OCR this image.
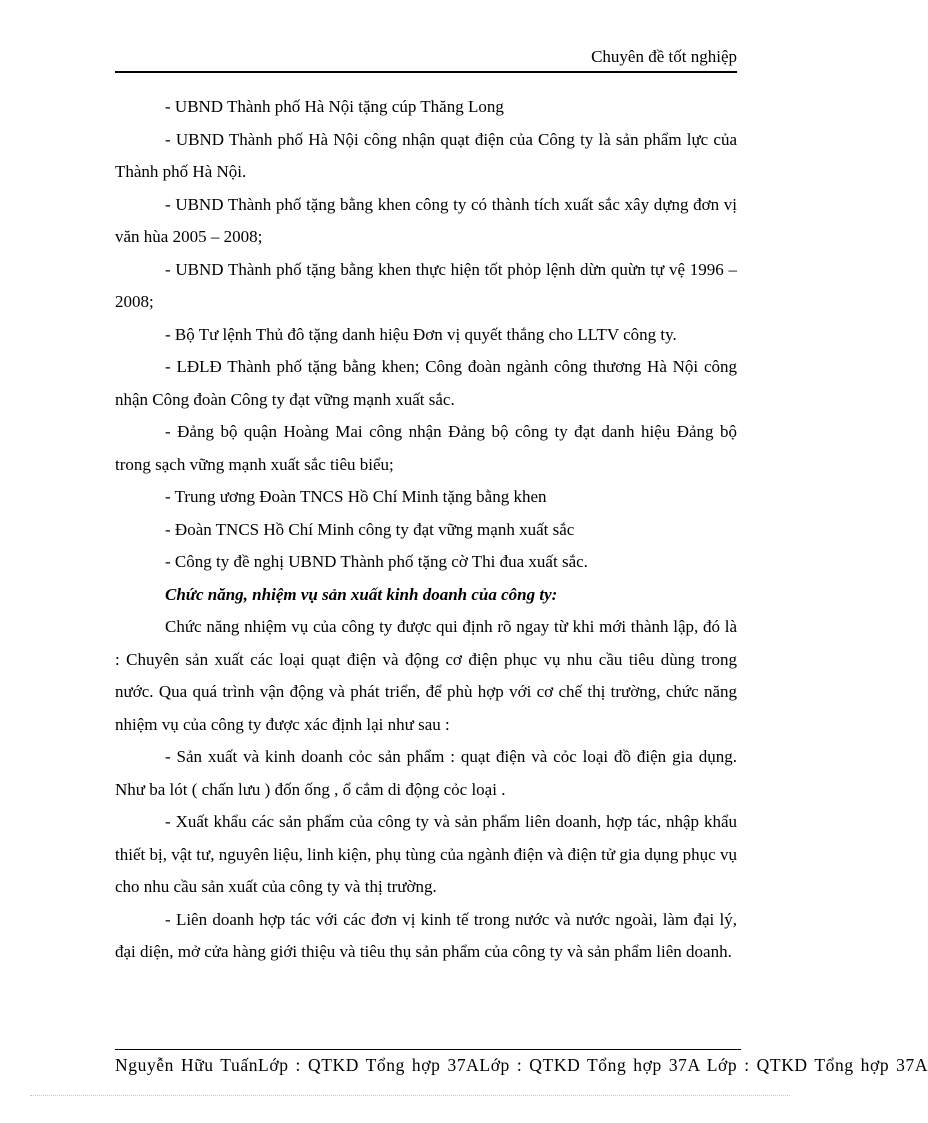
Chuyên đề tốt nghiệp

- UBND Thành phố Hà Nội tặng cúp Thăng Long

- UBND Thành phố Hà Nội công nhận quạt điện của Công ty là sản phẩm lực của Thành phố Hà Nội.

- UBND Thành phố tặng bằng khen công ty có thành tích xuất sắc xây dựng đơn vị văn hùa 2005 – 2008;

- UBND Thành phố tặng bằng khen thực hiện tốt phỏp lệnh dừn quừn tự vệ 1996 – 2008;

- Bộ Tư lệnh Thủ đô tặng danh hiệu Đơn vị quyết thắng cho LLTV công ty.

- LĐLĐ Thành phố tặng bằng khen; Công đoàn ngành công thương Hà Nội công nhận Công đoàn Công ty đạt vững mạnh xuất sắc.

- Đảng bộ quận Hoàng Mai công nhận Đảng bộ công ty đạt danh hiệu Đảng bộ trong sạch vững mạnh xuất sắc tiêu biểu;

- Trung ương Đoàn TNCS Hồ Chí Minh tặng bằng khen

- Đoàn TNCS Hồ Chí Minh công ty đạt vững mạnh xuất sắc

- Công ty đề nghị UBND Thành phố tặng cờ Thi đua xuất sắc.

Chức năng, nhiệm vụ sản xuất kinh doanh của công ty:

Chức năng nhiệm vụ của công ty được qui định rõ ngay từ khi mới thành lập, đó là : Chuyên sản xuất các loại quạt điện và động cơ điện phục vụ nhu cầu tiêu dùng trong nước. Qua quá trình vận động và phát triển, để phù hợp với cơ chế thị trường, chức năng nhiệm vụ của công ty được xác định lại như sau :

- Sản xuất và kinh doanh cỏc sản phẩm : quạt điện và cỏc loại đồ điện gia dụng. Như ba lót ( chấn lưu ) đốn ống , ổ cắm di động cỏc loại .

- Xuất khẩu các sản phẩm của công ty và sản phẩm liên doanh, hợp tác, nhập khẩu thiết bị, vật tư, nguyên liệu, linh kiện, phụ tùng của ngành điện và điện tử gia dụng phục vụ cho nhu cầu sản xuất của công ty và thị trường.

- Liên doanh hợp tác với các đơn vị kinh tế trong nước và nước ngoài, làm đại lý, đại diện, mở cửa hàng giới thiệu và tiêu thụ sản phẩm của công ty và sản phẩm liên doanh.

Nguyễn Hữu TuấnLớp : QTKD Tổng hợp 37ALớp : QTKD Tổng hợp 37A Lớp : QTKD Tổng hợp 37A
